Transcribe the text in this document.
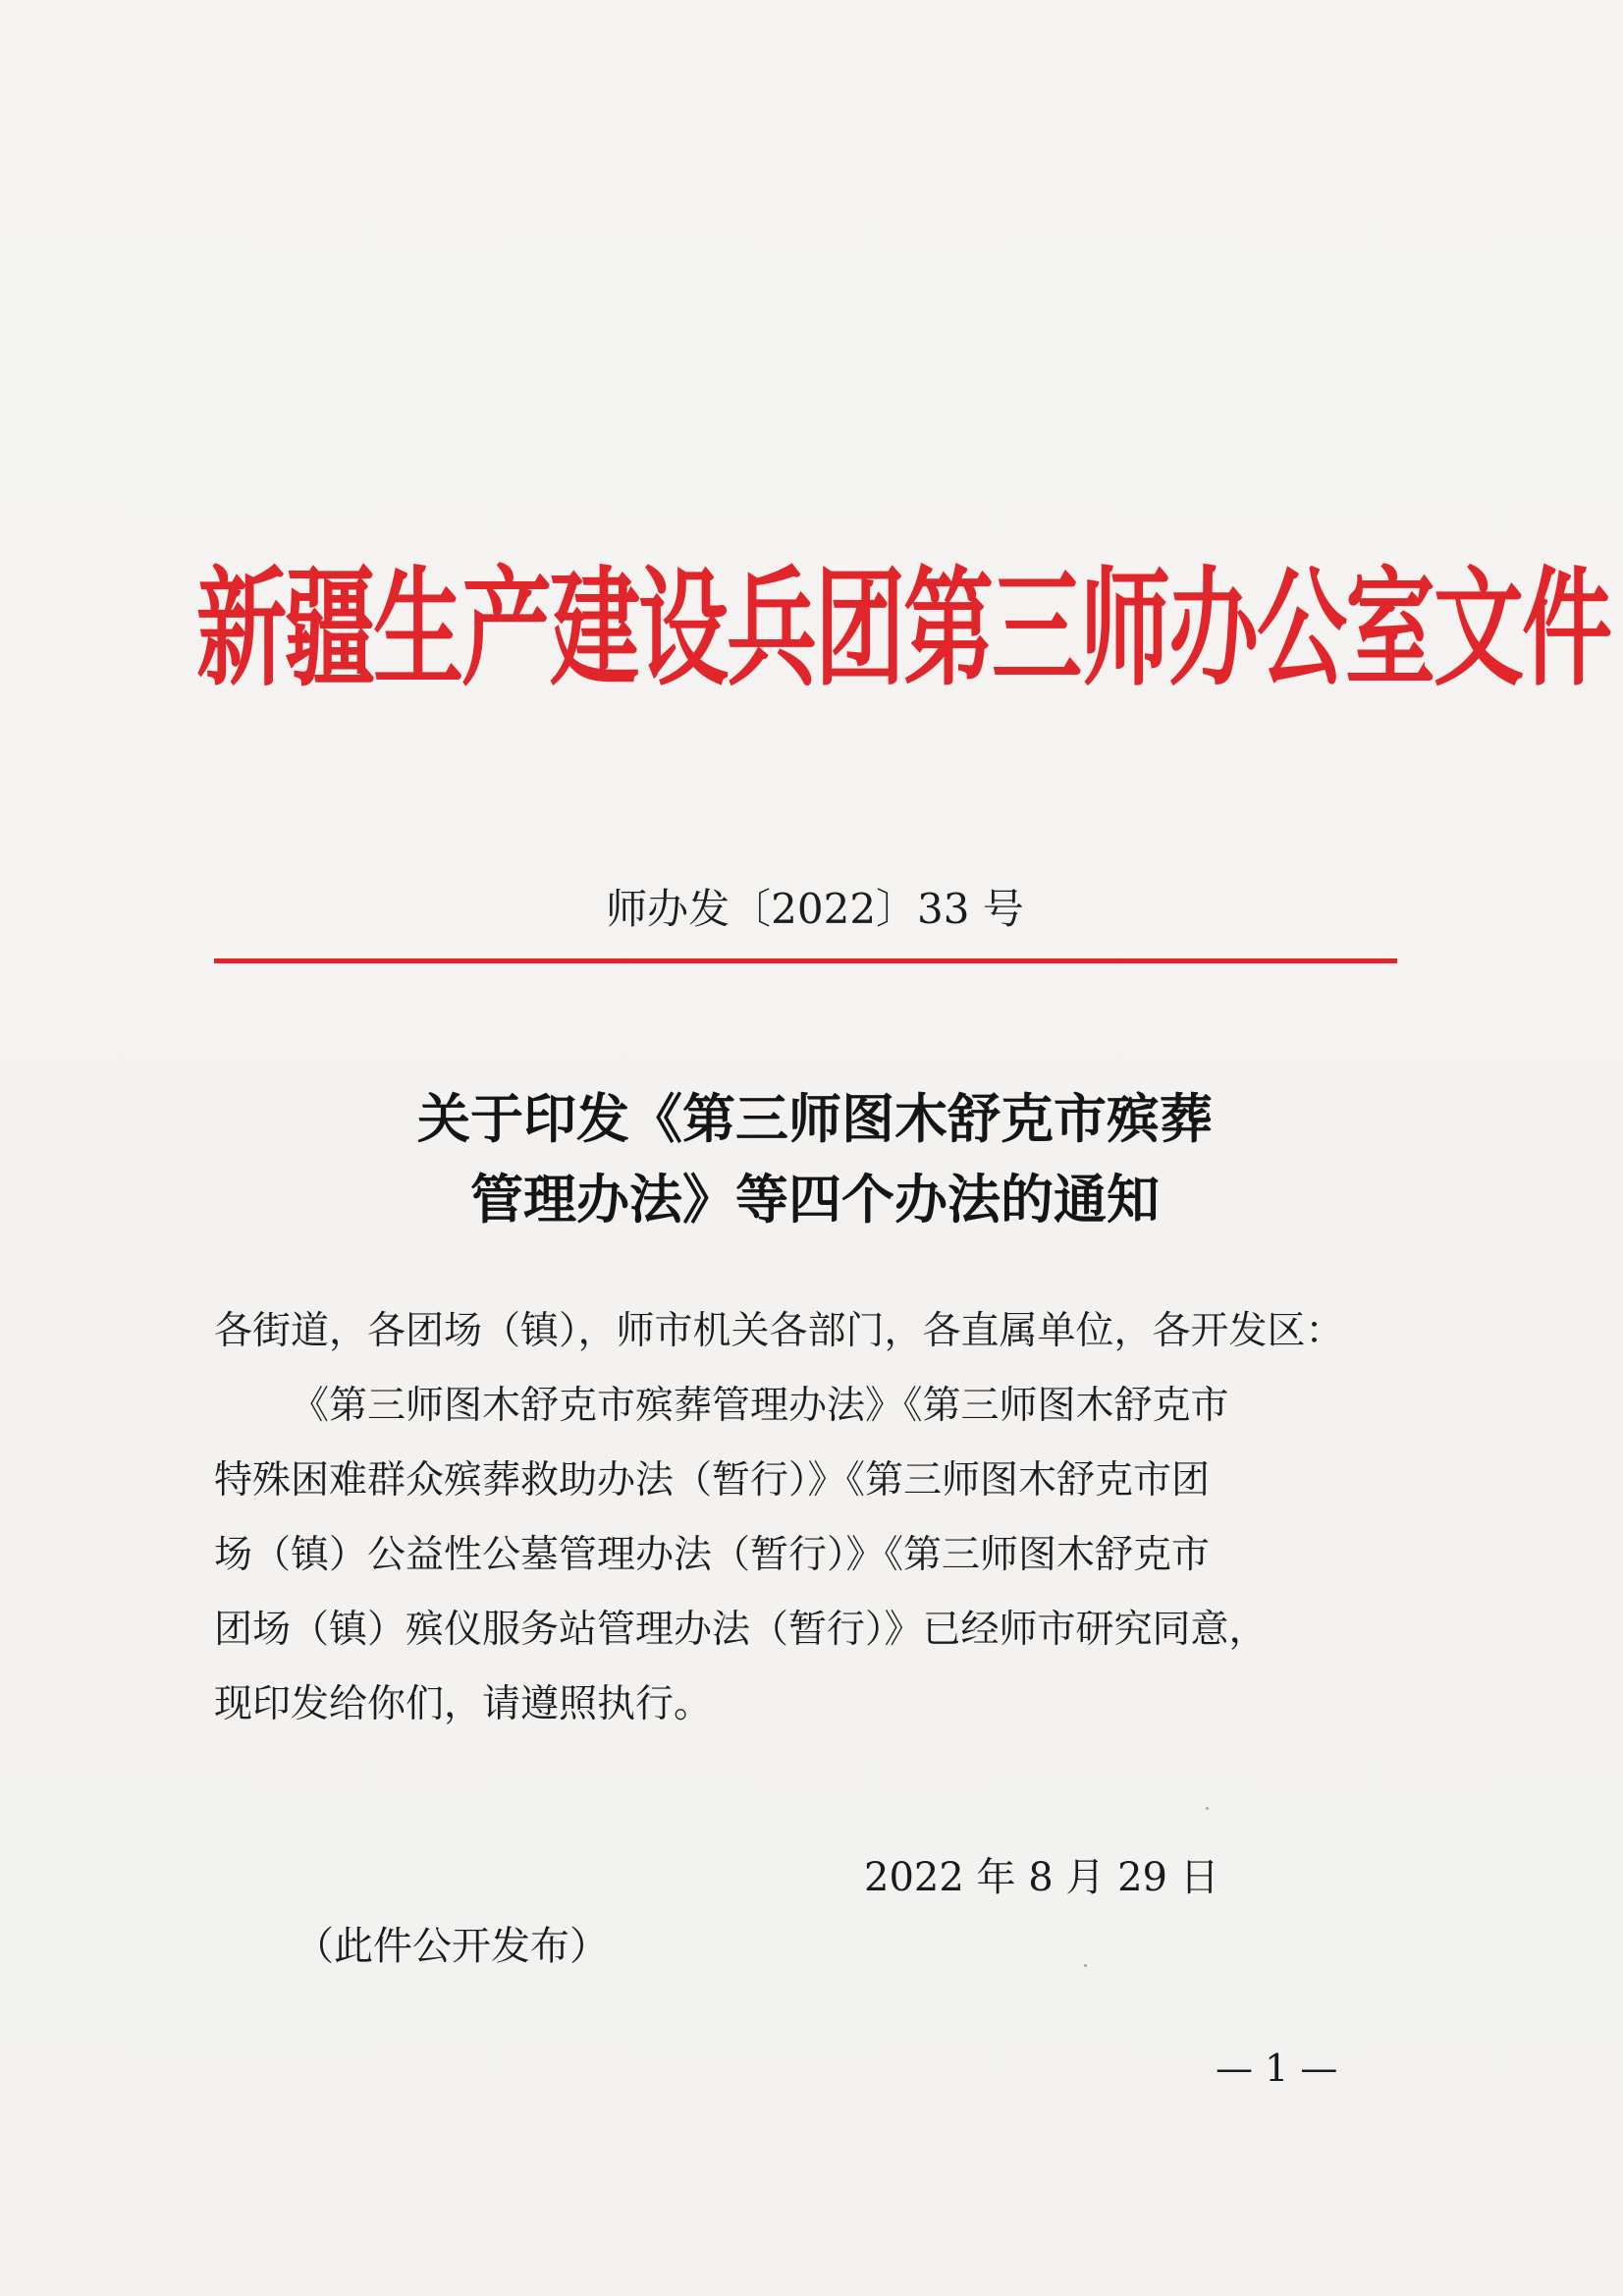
新疆生产建设兵团第三师办公室文件
师办发〔2022〕33 号
关于印发《第三师图木舒克市殡葬
管理办法》等四个办法的通知
各街道，各团场（镇），师市机关各部门，各直属单位，各开发区：
《第三师图木舒克市殡葬管理办法》《第三师图木舒克市
特殊困难群众殡葬救助办法（暂行）》《第三师图木舒克市团
场（镇）公益性公墓管理办法（暂行）》《第三师图木舒克市
团场（镇）殡仪服务站管理办法（暂行）》已经师市研究同意，
现印发给你们，请遵照执行。
2022 年 8 月 29 日
（此件公开发布）
— 1 —
